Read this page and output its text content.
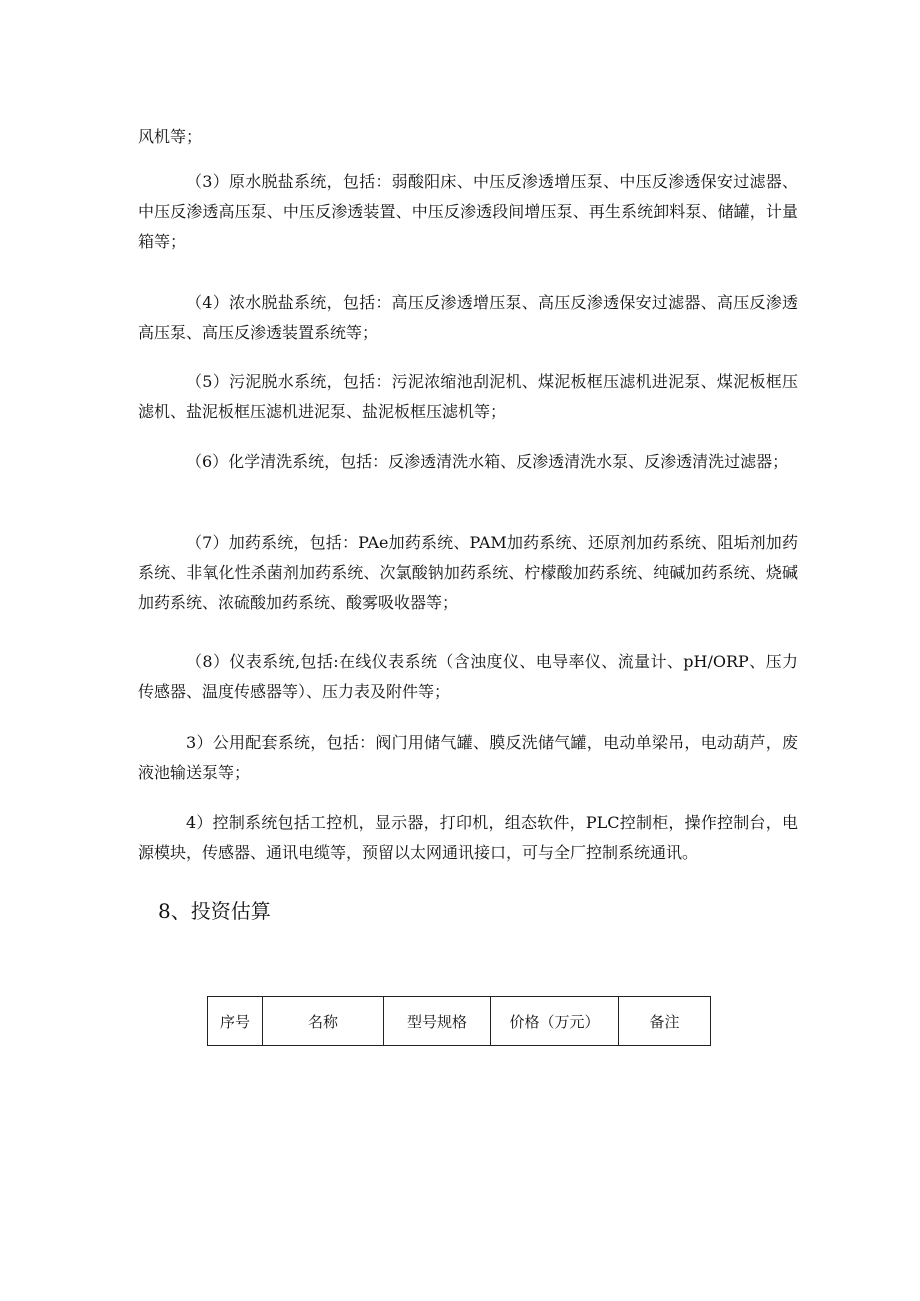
风机等；

（3）原水脱盐系统，包括：弱酸阳床、中压反渗透增压泵、中压反渗透保安过滤器、中压反渗透高压泵、中压反渗透装置、中压反渗透段间增压泵、再生系统卸料泵、储罐，计量箱等；

（4）浓水脱盐系统，包括：高压反渗透增压泵、高压反渗透保安过滤器、高压反渗透高压泵、高压反渗透装置系统等；

（5）污泥脱水系统，包括：污泥浓缩池刮泥机、煤泥板框压滤机进泥泵、煤泥板框压滤机、盐泥板框压滤机进泥泵、盐泥板框压滤机等；

（6）化学清洗系统，包括：反渗透清洗水箱、反渗透清洗水泵、反渗透清洗过滤器；

（7）加药系统，包括：PAe加药系统、PAM加药系统、还原剂加药系统、阻垢剂加药系统、非氧化性杀菌剂加药系统、次氯酸钠加药系统、柠檬酸加药系统、纯碱加药系统、烧碱加药系统、浓硫酸加药系统、酸雾吸收器等；

（8）仪表系统,包括:在线仪表系统（含浊度仪、电导率仪、流量计、pH/ORP、压力传感器、温度传感器等）、压力表及附件等；

3）公用配套系统，包括：阀门用储气罐、膜反洗储气罐，电动单梁吊，电动葫芦，废液池输送泵等；

4）控制系统包括工控机，显示器，打印机，组态软件，PLC控制柜，操作控制台，电源模块，传感器、通讯电缆等，预留以太网通讯接口，可与全厂控制系统通讯。

8、投资估算
序号	名称	型号规格	价格（万元）	备注
